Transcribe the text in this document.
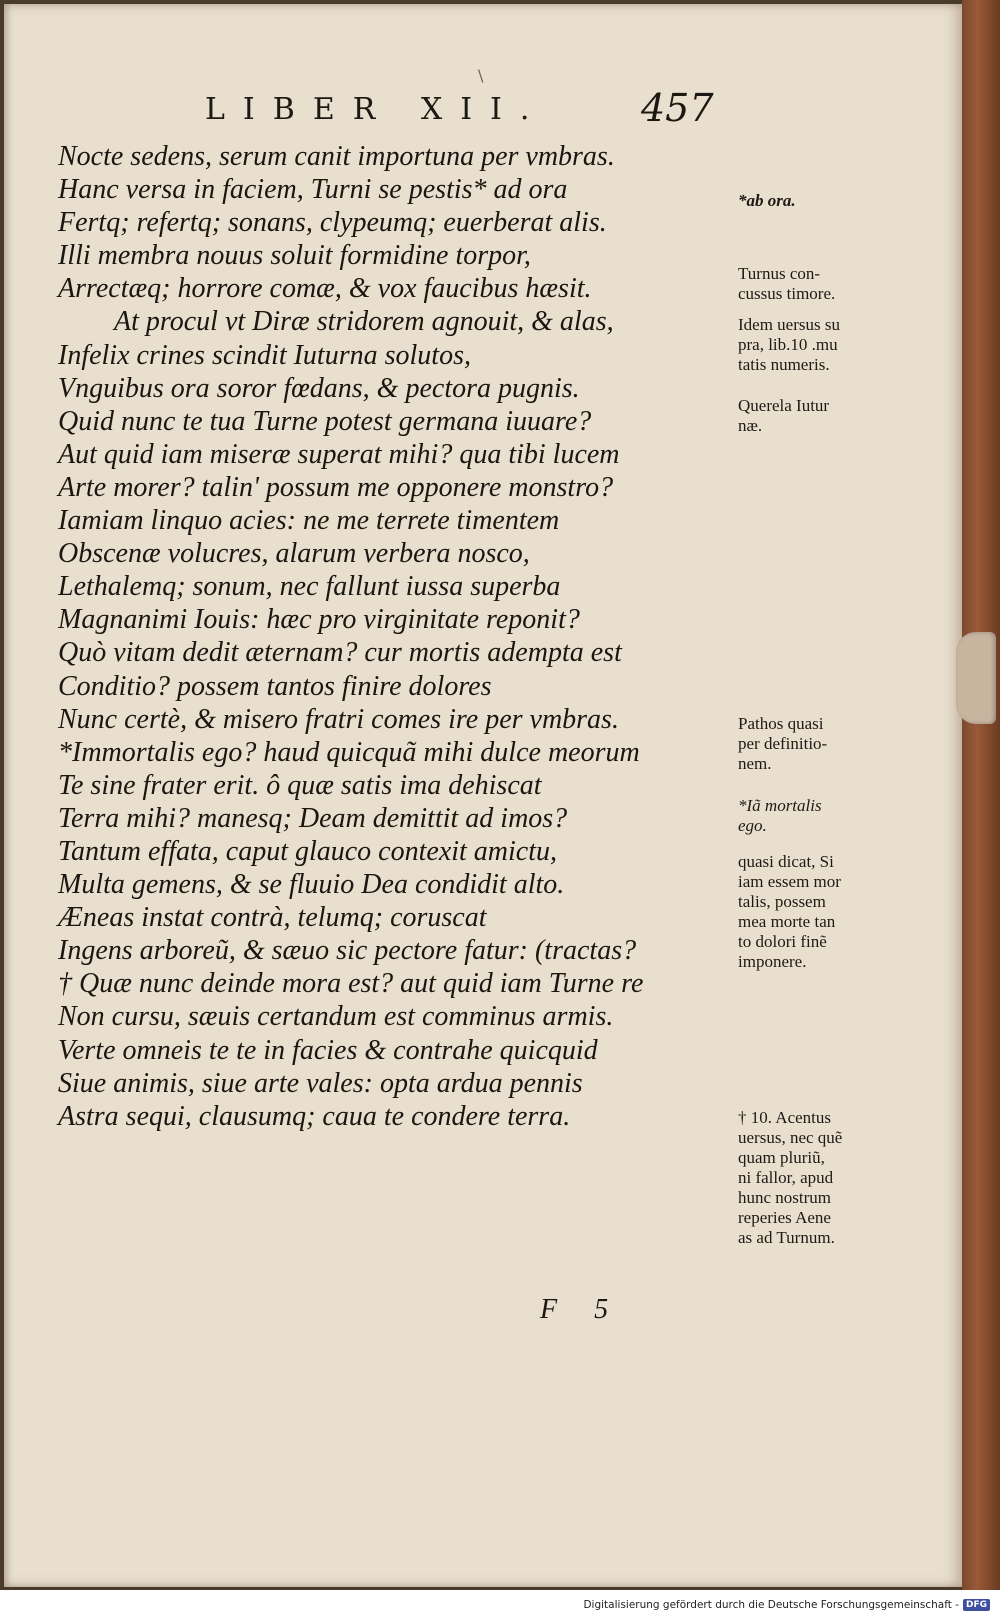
LIBER XII. 457
Nocte sedens, serum canit importuna per vmbras.
Hanc versa in faciem, Turni se pestis* ad ora
Fertq; refertq; sonans, clypeumq; euerberat alis.
Illi membra nouus soluit formidine torpor,
Arrectæq; horrore comæ, & vox faucibus hæsit.
At procul vt Diræ stridorem agnouit, & alas,
Infelix crines scindit Iuturna solutos,
Vnguibus ora soror fœdans, & pectora pugnis.
Quid nunc te tua Turne potest germana iuuare?
Aut quid iam miseræ superat mihi? qua tibi lucem
Arte morer? talin' possum me opponere monstro?
Iamiam linquo acies: ne me terrete timentem
Obscenæ volucres, alarum verbera nosco,
Lethalemq; sonum, nec fallunt iussa superba
Magnanimi Iouis: hæc pro virginitate reponit?
Quò vitam dedit æternam? cur mortis adempta est
Conditio? possem tantos finire dolores
Nunc certè, & misero fratri comes ire per vmbras.
*Immortalis ego? haud quicquã mihi dulce meorum
Te sine frater erit. ô quæ satis ima dehiscat
Terra mihi? manesq; Deam demittit ad imos?
Tantum effata, caput glauco contexit amictu,
Multa gemens, & se fluuio Dea condidit alto.
Æneas instat contrà, telumq; coruscat
Ingens arboreũ, & sæuo sic pectore fatur: (tractas?
† Quæ nunc deinde mora est? aut quid iam Turne re
Non cursu, sæuis certandum est comminus armis.
Verte omneis te te in facies & contrahe quicquid
Siue animis, siue arte vales: opta ardua pennis
Astra sequi, clausumq; caua te condere terra.
*ab ora.
Turnus con-
cussus timore.
Idem uersus su
pra, lib.10 .mu
tatis numeris.
Querela Iutur
næ.
Pathos quasi
per definitio-
nem.
*Iã mortalis
ego.
quasi dicat, Si
iam essem mor
talis, possem
mea morte tan
to dolori finẽ
imponere.
† 10. Acentus
uersus, nec quẽ
quam pluriũ,
ni fallor, apud
hunc nostrum
reperies Aene
as ad Turnum.
F 5
\
Digitalisierung gefördert durch die Deutsche Forschungsgemeinschaft - DFG
